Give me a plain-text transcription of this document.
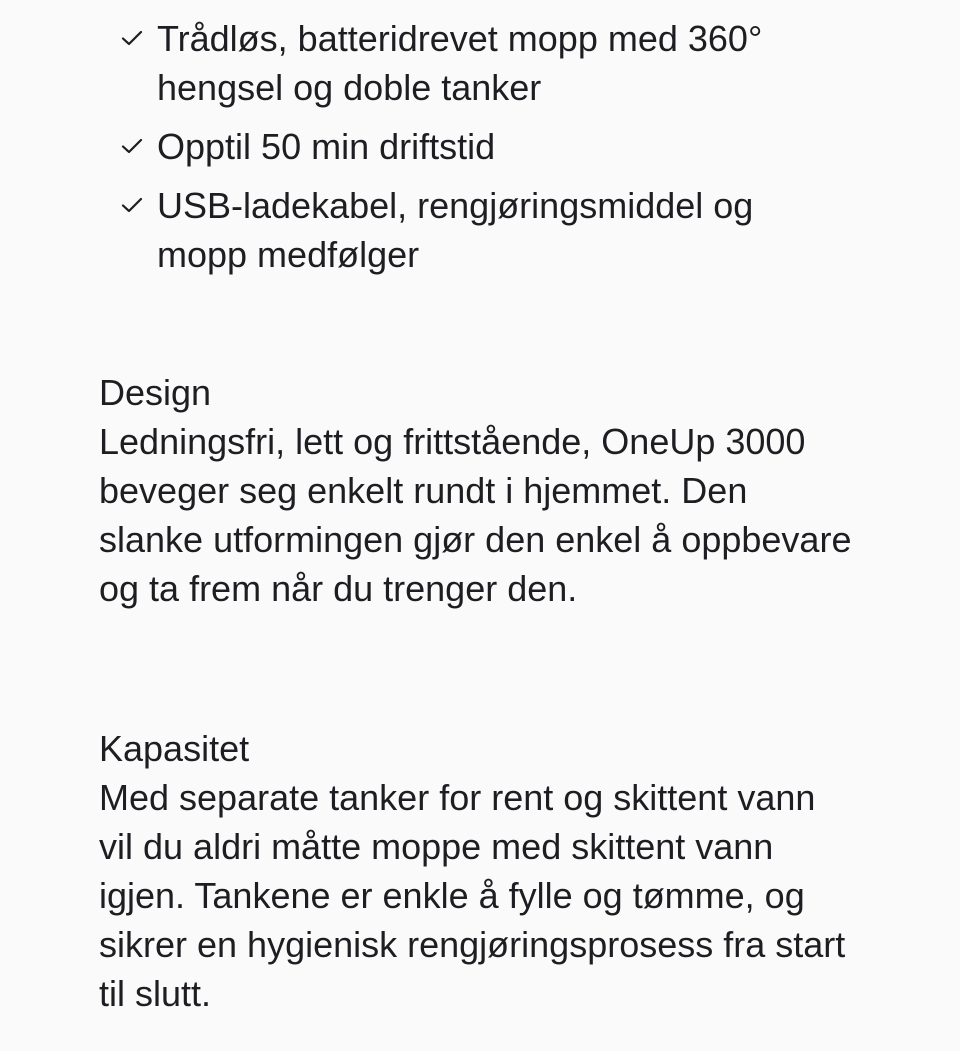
Trådløs, batteridrevet mopp med 360° hengsel og doble tanker
Opptil 50 min driftstid
USB-ladekabel, rengjøringsmiddel og mopp medfølger
Design

Ledningsfri, lett og frittstående, OneUp 3000 beveger seg enkelt rundt i hjemmet. Den slanke utformingen gjør den enkel å oppbevare og ta frem når du trenger den.

Kapasitet

Med separate tanker for rent og skittent vann vil du aldri måtte moppe med skittent vann igjen. Tankene er enkle å fylle og tømme, og sikrer en hygienisk rengjøringsprosess fra start til slutt.
